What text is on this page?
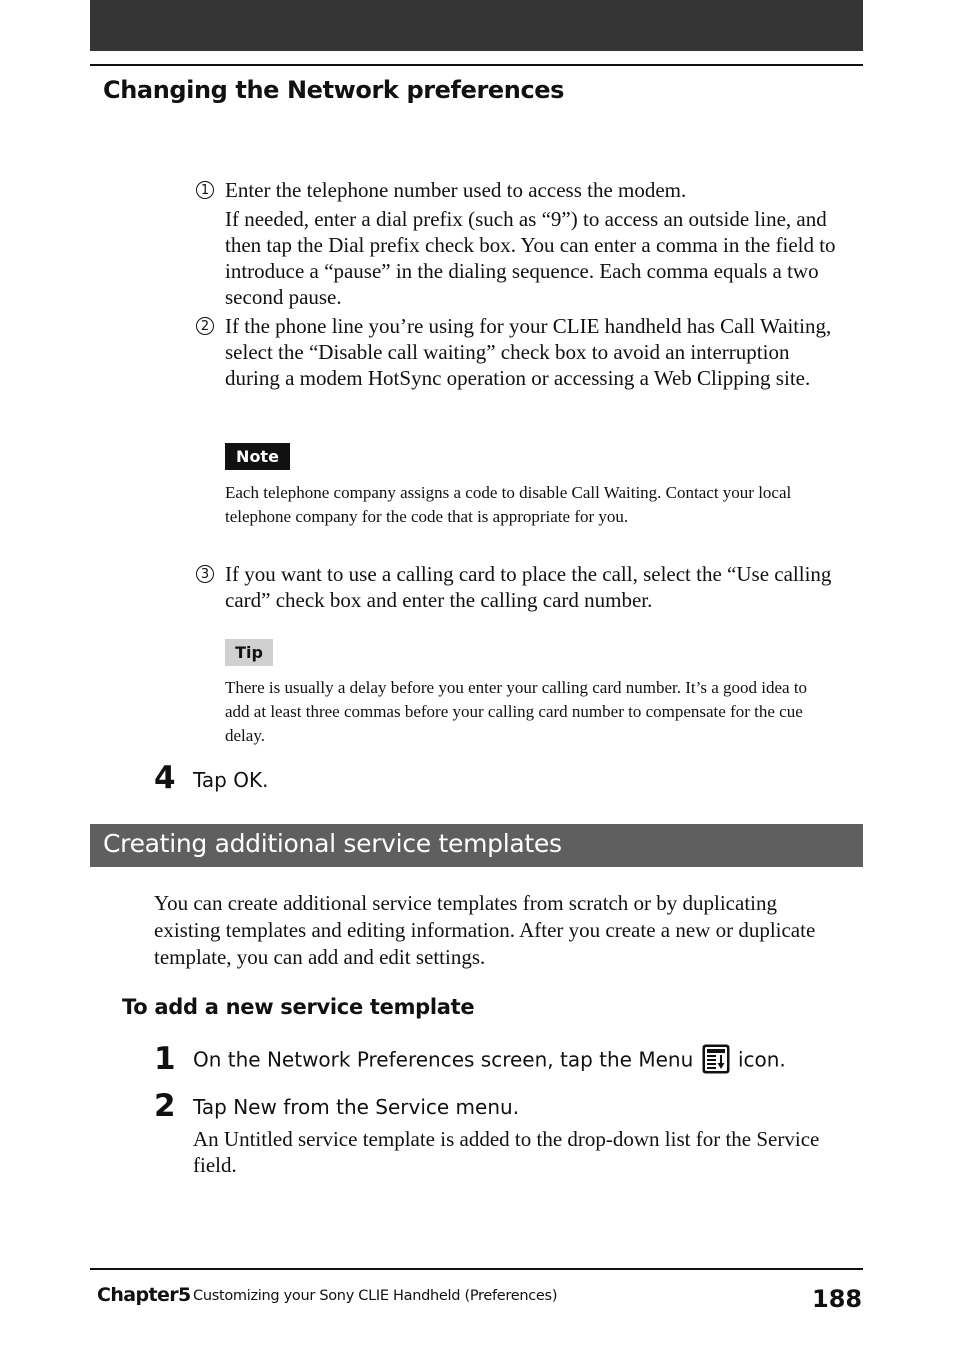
Changing the Network preferences
1 Enter the telephone number used to access the modem.
If needed, enter a dial prefix (such as “9”) to access an outside line, and then tap the Dial prefix check box. You can enter a comma in the field to introduce a “pause” in the dialing sequence. Each comma equals a two second pause.
2 If the phone line you’re using for your CLIE handheld has Call Waiting, select the “Disable call waiting” check box to avoid an interruption during a modem HotSync operation or accessing a Web Clipping site.
Note
Each telephone company assigns a code to disable Call Waiting. Contact your local telephone company for the code that is appropriate for you.
3 If you want to use a calling card to place the call, select the “Use calling card” check box and enter the calling card number.
Tip
There is usually a delay before you enter your calling card number. It’s a good idea to add at least three commas before your calling card number to compensate for the cue delay.
4 Tap OK.
Creating additional service templates
You can create additional service templates from scratch or by duplicating existing templates and editing information. After you create a new or duplicate template, you can add and edit settings.
To add a new service template
1 On the Network Preferences screen, tap the Menu icon.
2 Tap New from the Service menu.
An Untitled service template is added to the drop-down list for the Service field.
Chapter5 Customizing your Sony CLIE Handheld (Preferences)	188
